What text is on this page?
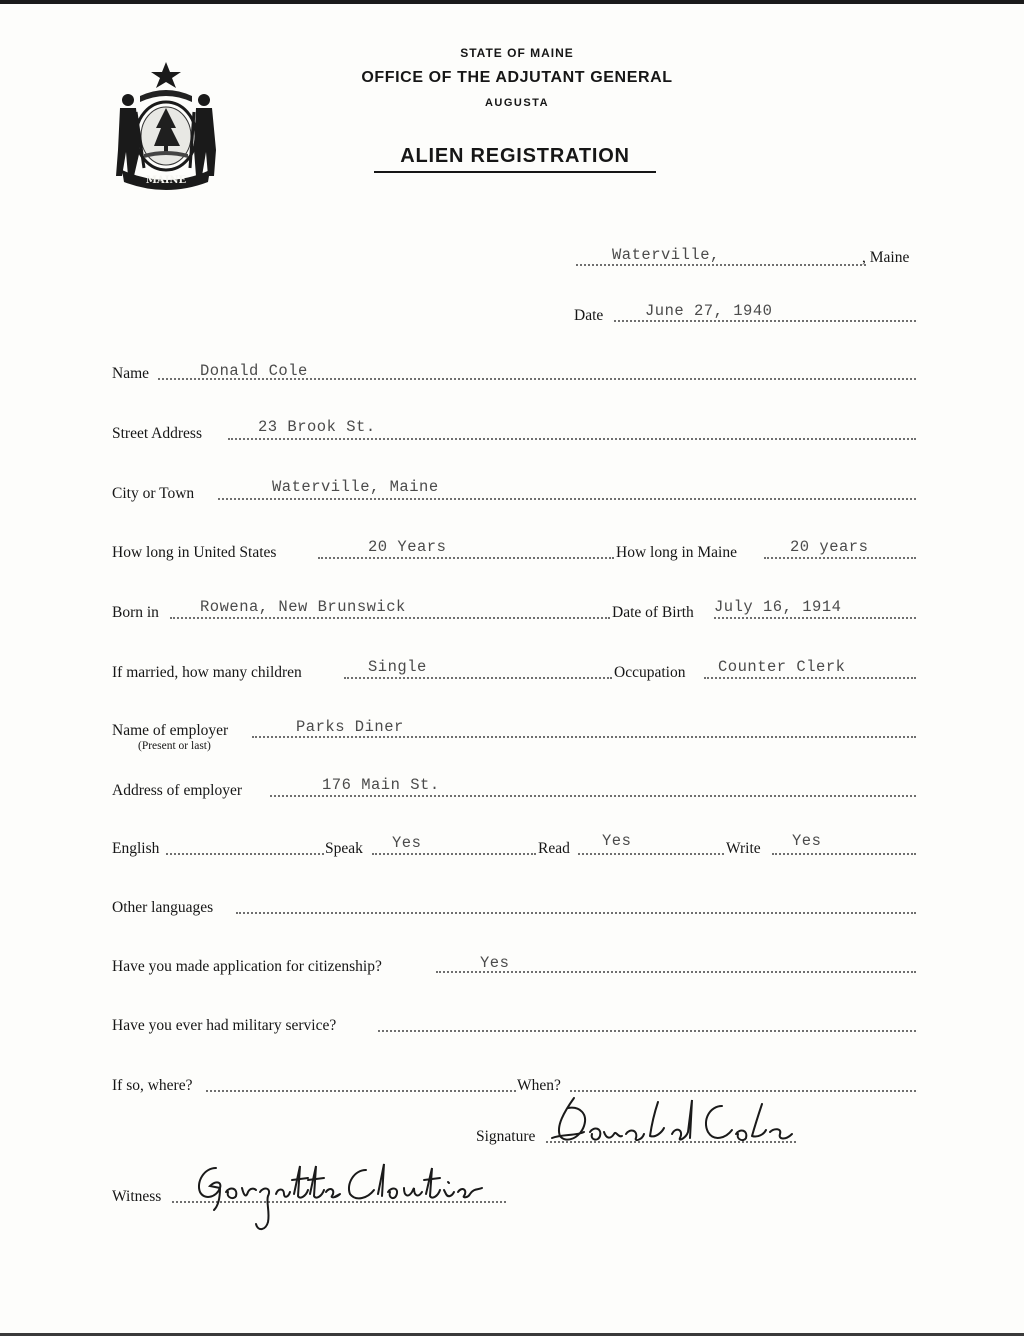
MAINE
STATE OF MAINE
OFFICE OF THE ADJUTANT GENERAL
AUGUSTA
ALIEN REGISTRATION
Waterville,	, Maine
Date	June 27, 1940
Name	Donald Cole
Street Address	23 Brook St.
City or Town	Waterville, Maine
How long in United States	20 Years	How long in Maine	20 years
Born in	Rowena, New Brunswick	Date of Birth July 16, 1914
If married, how many children	Single	Occupation Counter Clerk
Name of employer
(Present or last)
Parks Diner
Address of employer	176 Main St.
English	Speak Yes	Read Yes	Write Yes
Other languages
Have you made application for citizenship?	Yes
Have you ever had military service?
If so, where?	When?
Signature
Witness
